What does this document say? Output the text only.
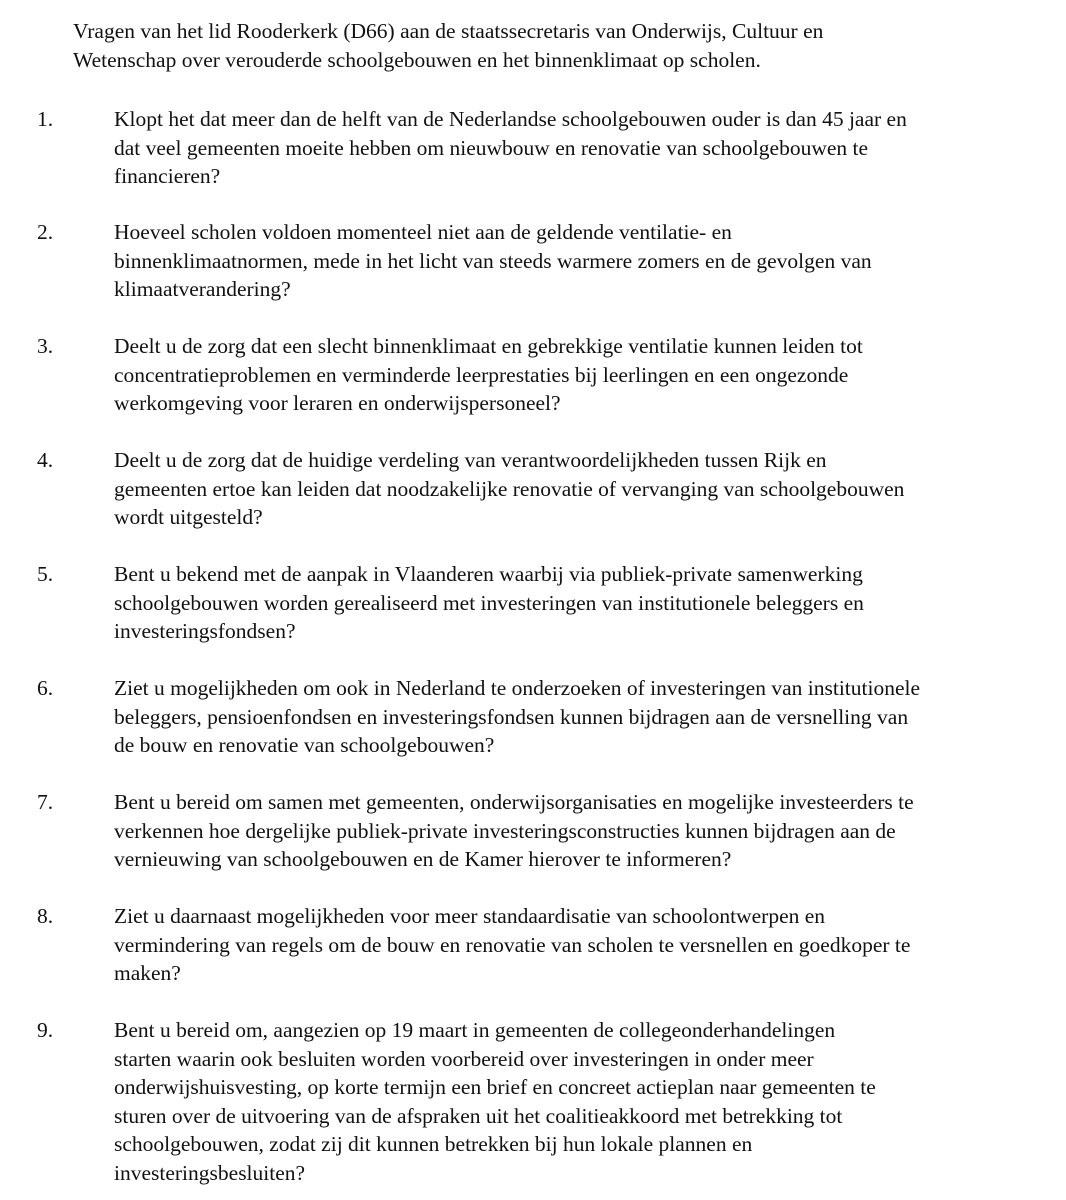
Vragen van het lid Rooderkerk (D66) aan de staatssecretaris van Onderwijs, Cultuur en
Wetenschap over verouderde schoolgebouwen en het binnenklimaat op scholen.

1.	Klopt het dat meer dan de helft van de Nederlandse schoolgebouwen ouder is dan 45 jaar en
dat veel gemeenten moeite hebben om nieuwbouw en renovatie van schoolgebouwen te
financieren?

2.	Hoeveel scholen voldoen momenteel niet aan de geldende ventilatie- en
binnenklimaatnormen, mede in het licht van steeds warmere zomers en de gevolgen van
klimaatverandering?

3.	Deelt u de zorg dat een slecht binnenklimaat en gebrekkige ventilatie kunnen leiden tot
concentratieproblemen en verminderde leerprestaties bij leerlingen en een ongezonde
werkomgeving voor leraren en onderwijspersoneel?

4.	Deelt u de zorg dat de huidige verdeling van verantwoordelijkheden tussen Rijk en
gemeenten ertoe kan leiden dat noodzakelijke renovatie of vervanging van schoolgebouwen
wordt uitgesteld?

5.	Bent u bekend met de aanpak in Vlaanderen waarbij via publiek-private samenwerking
schoolgebouwen worden gerealiseerd met investeringen van institutionele beleggers en
investeringsfondsen?

6.	Ziet u mogelijkheden om ook in Nederland te onderzoeken of investeringen van institutionele
beleggers, pensioenfondsen en investeringsfondsen kunnen bijdragen aan de versnelling van
de bouw en renovatie van schoolgebouwen?

7.	Bent u bereid om samen met gemeenten, onderwijsorganisaties en mogelijke investeerders te
verkennen hoe dergelijke publiek-private investeringsconstructies kunnen bijdragen aan de
vernieuwing van schoolgebouwen en de Kamer hierover te informeren?

8.	Ziet u daarnaast mogelijkheden voor meer standaardisatie van schoolontwerpen en
vermindering van regels om de bouw en renovatie van scholen te versnellen en goedkoper te
maken?

9.	Bent u bereid om, aangezien op 19 maart in gemeenten de collegeonderhandelingen
starten waarin ook besluiten worden voorbereid over investeringen in onder meer
onderwijshuisvesting, op korte termijn een brief en concreet actieplan naar gemeenten te
sturen over de uitvoering van de afspraken uit het coalitieakkoord met betrekking tot
schoolgebouwen, zodat zij dit kunnen betrekken bij hun lokale plannen en
investeringsbesluiten?
